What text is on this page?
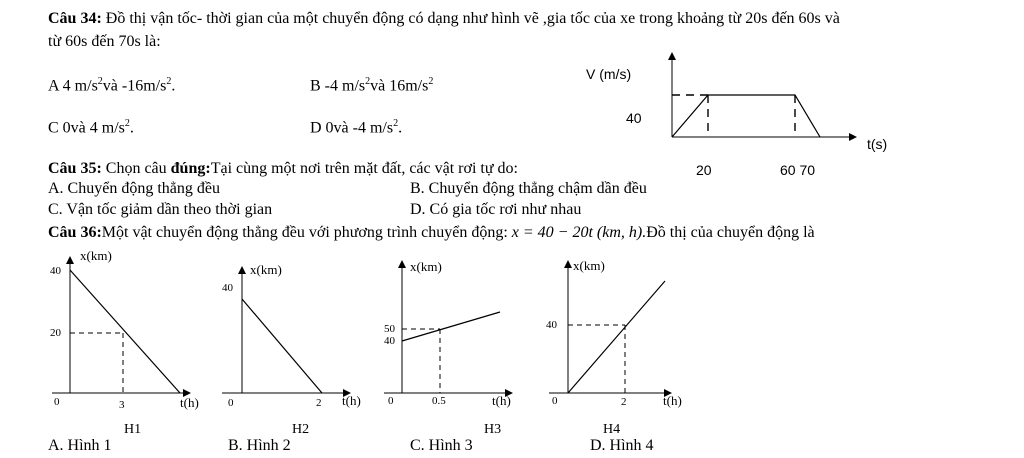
Câu 34: Đồ thị vận tốc- thời gian của một chuyển động có dạng như hình vẽ ,gia tốc của xe trong khoảng từ 20s đến 60s và
từ 60s đến 70s là:
A 4 $m/s^2và$ $-16m/s^2$.	B -4 $m/s^2và$ $16m/s^2$
C 0và 4 $m/s^2$.	D 0và -4 $m/s^2$.
V (m/s)
40
t(s)
20	60 70
Câu 35: Chọn câu đúng:Tại cùng một nơi trên mặt đất, các vật rơi tự do:
A. Chuyển động thẳng đều	B. Chuyển động thẳng chậm dần đều
C. Vận tốc giảm dần theo thời gian	D. Có gia tốc rơi như nhau
Câu 36:Một vật chuyển động thẳng đều với phương trình chuyển động: x = 40 − 20t (km, h).Đồ thị của chuyển động là
x(km)
40
20
0	3	t(h)
H1
x(km)
40
0	2 t(h)
H2
x(km)
50
40
0	0.5	t(h)
H3
x(km)
40
0	2	t(h)
H4
A. Hình 1	B. Hình 2	C. Hình 3	D. Hình 4
